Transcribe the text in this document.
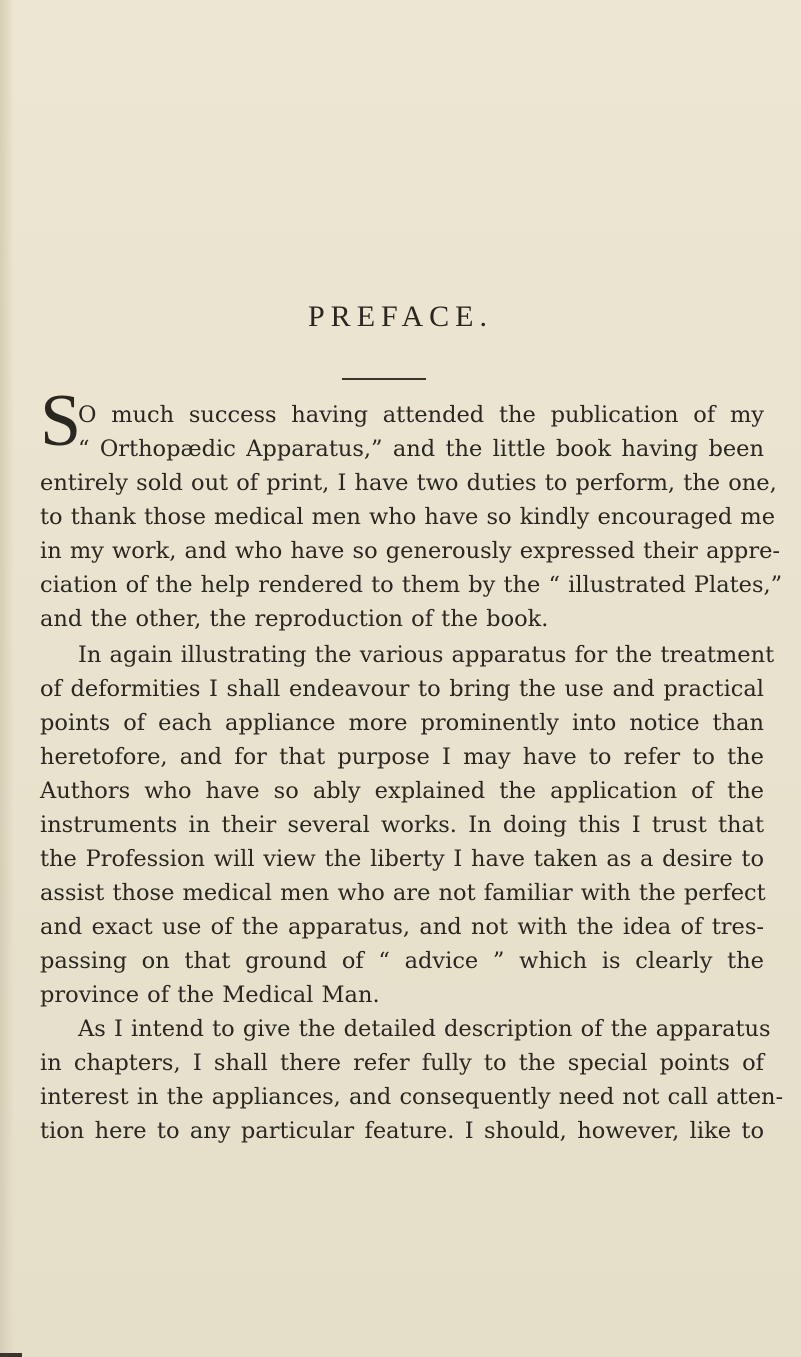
PREFACE.
S
O much success having attended the publication of my
“ Orthopædic Apparatus,” and the little book having been
entirely sold out of print, I have two duties to perform, the one,
to thank those medical men who have so kindly encouraged me
in my work, and who have so generously expressed their appre-
ciation of the help rendered to them by the “ illustrated Plates,”
and the other, the reproduction of the book.
In again illustrating the various apparatus for the treatment
of deformities I shall endeavour to bring the use and practical
points of each appliance more prominently into notice than
heretofore, and for that purpose I may have to refer to the
Authors who have so ably explained the application of the
instruments in their several works. In doing this I trust that
the Profession will view the liberty I have taken as a desire to
assist those medical men who are not familiar with the perfect
and exact use of the apparatus, and not with the idea of tres-
passing on that ground of “ advice ” which is clearly the
province of the Medical Man.
As I intend to give the detailed description of the apparatus
in chapters, I shall there refer fully to the special points of
interest in the appliances, and consequently need not call atten-
tion here to any particular feature. I should, however, like to
